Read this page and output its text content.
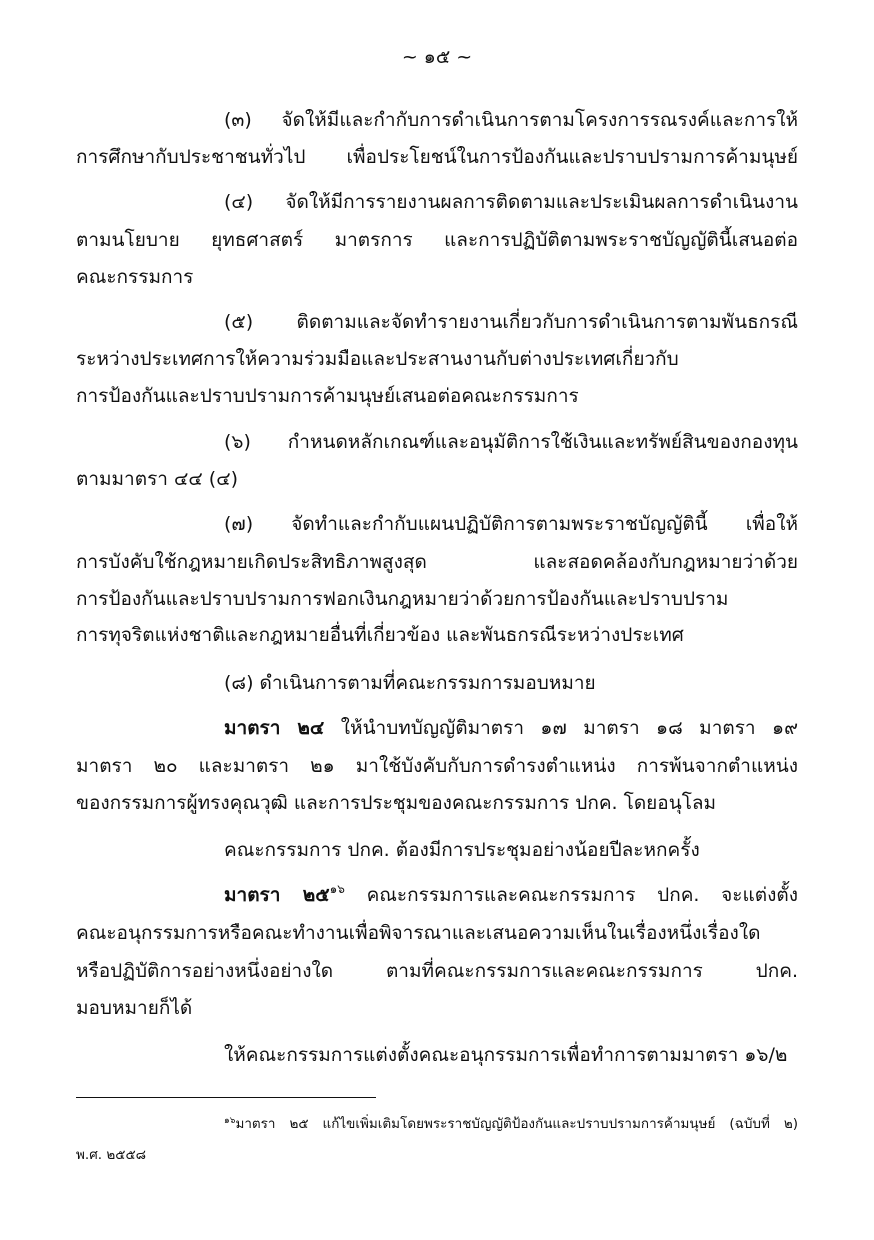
~ ๑๕ ~
(๓) จัดให้มีและกำกับการดำเนินการตามโครงการรณรงค์และการให้
การศึกษากับประชาชนทั่วไป เพื่อประโยชน์ในการป้องกันและปราบปรามการค้ามนุษย์
(๔) จัดให้มีการรายงานผลการติดตามและประเมินผลการดำเนินงาน
ตามนโยบาย ยุทธศาสตร์ มาตรการ และการปฏิบัติตามพระราชบัญญัตินี้เสนอต่อ
คณะกรรมการ
(๕) ติดตามและจัดทำรายงานเกี่ยวกับการดำเนินการตามพันธกรณี
ระหว่างประเทศการให้ความร่วมมือและประสานงานกับต่างประเทศเกี่ยวกับ
การป้องกันและปราบปรามการค้ามนุษย์เสนอต่อคณะกรรมการ
(๖) กำหนดหลักเกณฑ์และอนุมัติการใช้เงินและทรัพย์สินของกองทุน
ตามมาตรา ๔๔ (๔)
(๗) จัดทำและกำกับแผนปฏิบัติการตามพระราชบัญญัตินี้ เพื่อให้
การบังคับใช้กฎหมายเกิดประสิทธิภาพสูงสุด และสอดคล้องกับกฎหมายว่าด้วย
การป้องกันและปราบปรามการฟอกเงินกฎหมายว่าด้วยการป้องกันและปราบปราม
การทุจริตแห่งชาติและกฎหมายอื่นที่เกี่ยวข้อง และพันธกรณีระหว่างประเทศ
(๘) ดำเนินการตามที่คณะกรรมการมอบหมาย
มาตรา ๒๔ ให้นำบทบัญญัติมาตรา ๑๗ มาตรา ๑๘ มาตรา ๑๙
มาตรา ๒๐ และมาตรา ๒๑ มาใช้บังคับกับการดำรงตำแหน่ง การพ้นจากตำแหน่ง
ของกรรมการผู้ทรงคุณวุฒิ และการประชุมของคณะกรรมการ ปกค. โดยอนุโลม
คณะกรรมการ ปกค. ต้องมีการประชุมอย่างน้อยปีละหกครั้ง
มาตรา ๒๕$^{๑๖}$ คณะกรรมการและคณะกรรมการ ปกค. จะแต่งตั้ง
คณะอนุกรรมการหรือคณะทำงานเพื่อพิจารณาและเสนอความเห็นในเรื่องหนึ่งเรื่องใด
หรือปฏิบัติการอย่างหนึ่งอย่างใด ตามที่คณะกรรมการและคณะกรรมการ ปกค.
มอบหมายก็ได้
ให้คณะกรรมการแต่งตั้งคณะอนุกรรมการเพื่อทำการตามมาตรา ๑๖/๒
$^{๑๖}$มาตรา ๒๕ แก้ไขเพิ่มเติมโดยพระราชบัญญัติป้องกันและปราบปรามการค้ามนุษย์ (ฉบับที่ ๒)
พ.ศ. ๒๕๕๘
